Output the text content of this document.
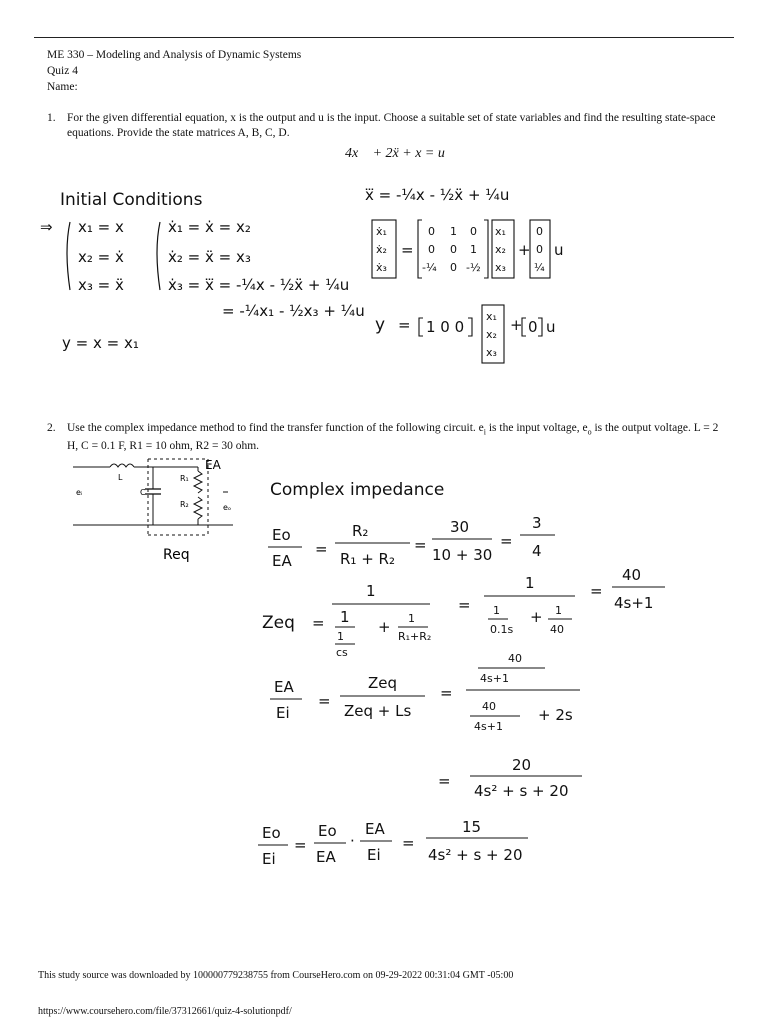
ME 330 – Modeling and Analysis of Dynamic Systems
Quiz 4
Name:
1. For the given differential equation, x is the output and u is the input. Choose a suitable set of state variables and find the resulting state-space equations. Provide the state matrices A, B, C, D.
4x⃛ + 2ẍ + x = u
Initial Conditions
⇒ x₁ = x
x₂ = ẋ
x₃ = ẍ
ẋ₁ = ẋ = x₂
ẋ₂ = ẍ = x₃
ẋ₃ = x⃛ = -¼x - ½ẍ + ¼u
= -¼x₁ - ½x₃ + ¼u
y = x = x₁
x⃛ = -¼x - ½ẍ + ¼u
ẋ₁
ẋ₂
ẋ₃
=
0 1 0
0 0 1
-¼ 0 -½
x₁
x₂
x₃
+
0
0
¼
u
y = 1 0 0
x₁
x₂
x₃
+ 0 u
2. Use the complex impedance method to find the transfer function of the following circuit. $e_i$ is the input voltage, $e_o$ is the output voltage. L = 2 H, C = 0.1 F, R1 = 10 ohm, R2 = 30 ohm.
L
C
R₁
R₂
eᵢ
eₒ
EA
Req
Complex impedance
Eo
EA
=
R₂
R₁ + R₂
=
30
10 + 30
=
3
4
Zeq =
1
1
1
cs
+ 1
R₁+R₂
=
1
1
0.1s
+ 1
40
=
40
4s+1
EA
Ei
=
Zeq
Zeq + Ls
=
40
4s+1
40
4s+1
+ 2s
=
20
4s² + s + 20
Eo
Ei
=
Eo
EA
·
EA
Ei
=
15
4s² + s + 20
This study source was downloaded by 100000779238755 from CourseHero.com on 09-29-2022 00:31:04 GMT -05:00
https://www.coursehero.com/file/37312661/quiz-4-solutionpdf/
